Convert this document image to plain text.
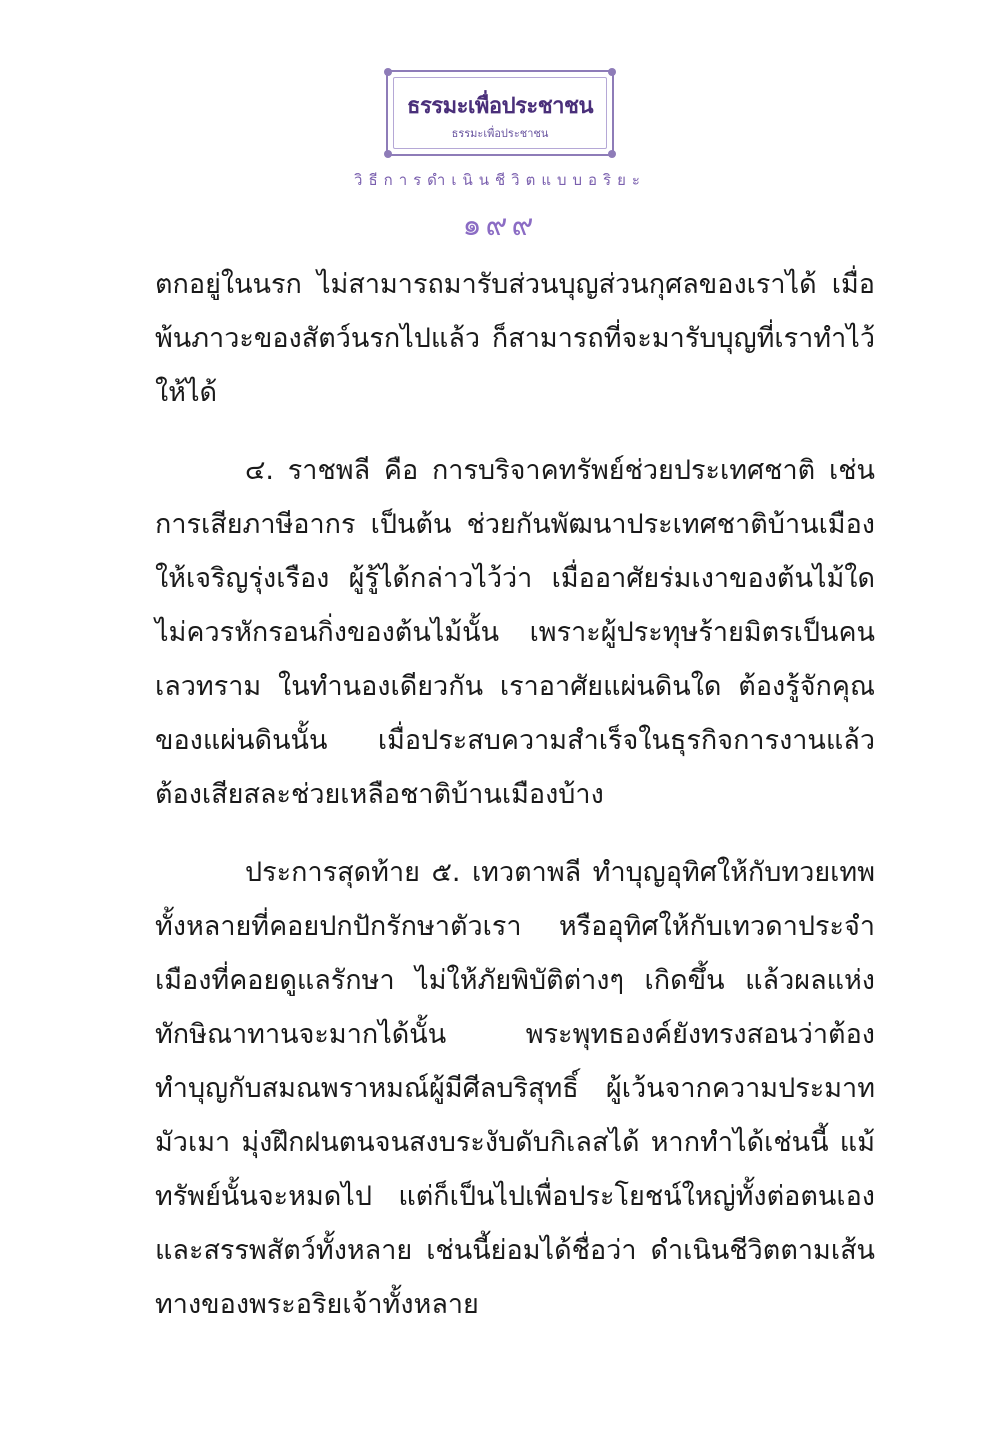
ธรรมะเพื่อประชาชน
ธรรมะเพื่อประชาชน
วิธีการดำเนินชีวิตแบบอริยะ
๑๙๙

ตกอยู่ในนรก ไม่สามารถมารับส่วนบุญส่วนกุศลของเราได้ เมื่อพ้นภาวะของสัตว์นรกไปแล้ว ก็สามารถที่จะมารับบุญที่เราทำไว้ให้ได้

๔. ราชพลี คือ การบริจาคทรัพย์ช่วยประเทศชาติ เช่น การเสียภาษีอากร เป็นต้น ช่วยกันพัฒนาประเทศชาติบ้านเมืองให้เจริญรุ่งเรือง ผู้รู้ได้กล่าวไว้ว่า เมื่ออาศัยร่มเงาของต้นไม้ใดไม่ควรหักรอนกิ่งของต้นไม้นั้น เพราะผู้ประทุษร้ายมิตรเป็นคนเลวทราม ในทำนองเดียวกัน เราอาศัยแผ่นดินใด ต้องรู้จักคุณของแผ่นดินนั้น เมื่อประสบความสำเร็จในธุรกิจการงานแล้วต้องเสียสละช่วยเหลือชาติบ้านเมืองบ้าง

ประการสุดท้าย ๕. เทวตาพลี ทำบุญอุทิศให้กับทวยเทพทั้งหลายที่คอยปกปักรักษาตัวเรา หรืออุทิศให้กับเทวดาประจำเมืองที่คอยดูแลรักษา ไม่ให้ภัยพิบัติต่างๆ เกิดขึ้น แล้วผลแห่งทักษิณาทานจะมากได้นั้น พระพุทธองค์ยังทรงสอนว่าต้องทำบุญกับสมณพราหมณ์ผู้มีศีลบริสุทธิ์ ผู้เว้นจากความประมาทมัวเมา มุ่งฝึกฝนตนจนสงบระงับดับกิเลสได้ หากทำได้เช่นนี้ แม้ทรัพย์นั้นจะหมดไป แต่ก็เป็นไปเพื่อประโยชน์ใหญ่ทั้งต่อตนเองและสรรพสัตว์ทั้งหลาย เช่นนี้ย่อมได้ชื่อว่า ดำเนินชีวิตตามเส้นทางของพระอริยเจ้าทั้งหลาย
